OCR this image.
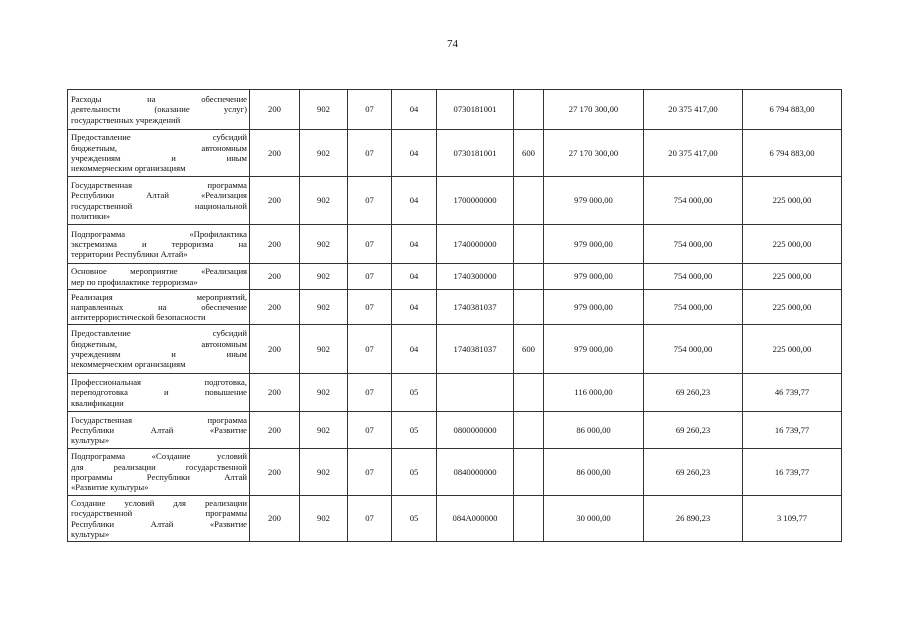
74
Расходы на обеспечение
деятельности (оказание услуг)
государственных учреждений	200	902	07	04	0730181001		27 170 300,00	20 375 417,00	6 794 883,00

Предоставление субсидий
бюджетным, автономным
учреждениям и иным
некоммерческим организациям	200	902	07	04	0730181001	600	27 170 300,00	20 375 417,00	6 794 883,00

Государственная программа
Республики Алтай «Реализация
государственной национальной
политики»	200	902	07	04	1700000000		979 000,00	754 000,00	225 000,00

Подпрограмма «Профилактика
экстремизма и терроризма на
территории Республики Алтай»	200	902	07	04	1740000000		979 000,00	754 000,00	225 000,00

Основное мероприятие «Реализация
мер по профилактике терроризма»	200	902	07	04	1740300000		979 000,00	754 000,00	225 000,00

Реализация мероприятий,
направленных на обеспечение
антитеррористической безопасности	200	902	07	04	1740381037		979 000,00	754 000,00	225 000,00

Предоставление субсидий
бюджетным, автономным
учреждениям и иным
некоммерческим организациям	200	902	07	04	1740381037	600	979 000,00	754 000,00	225 000,00

Профессиональная подготовка,
переподготовка и повышение
квалификации	200	902	07	05			116 000,00	69 260,23	46 739,77

Государственная программа
Республики Алтай «Развитие
культуры»	200	902	07	05	0800000000		86 000,00	69 260,23	16 739,77

Подпрограмма «Создание условий
для реализации государственной
программы Республики Алтай
«Развитие культуры»	200	902	07	05	0840000000		86 000,00	69 260,23	16 739,77

Создание условий для реализации
государственной программы
Республики Алтай «Развитие
культуры»	200	902	07	05	084A000000		30 000,00	26 890,23	3 109,77
